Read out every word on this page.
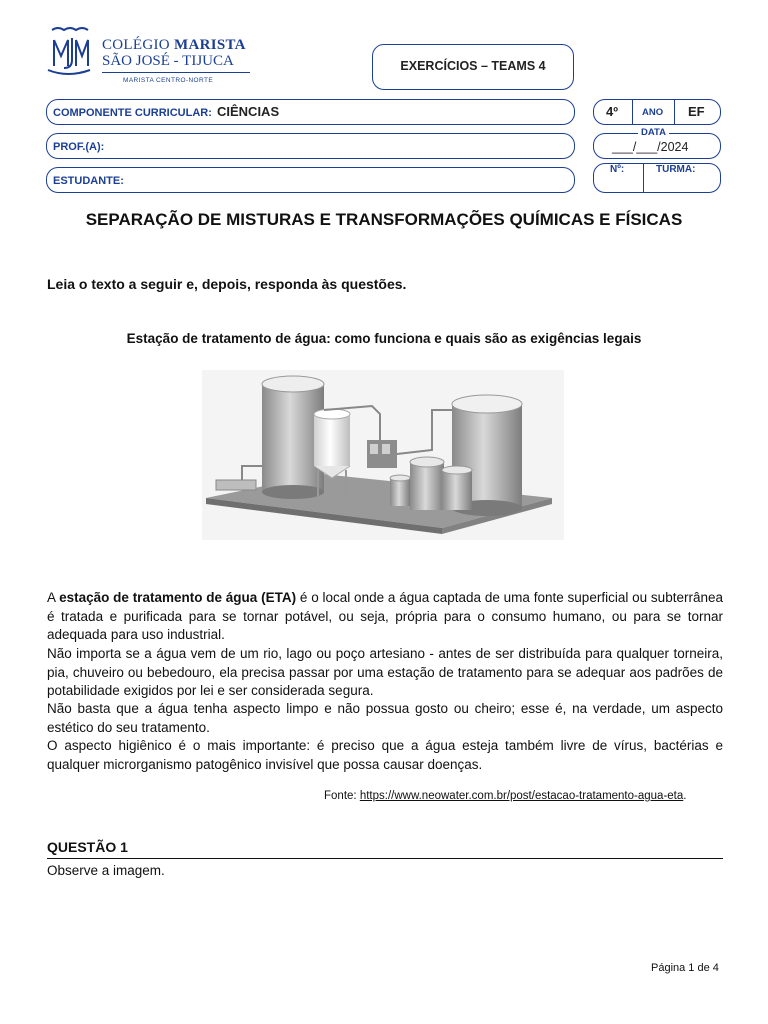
COLÉGIO MARISTA
SÃO JOSÉ - TIJUCA
MARISTA CENTRO-NORTE
EXERCÍCIOS – TEAMS 4
COMPONENTE CURRICULAR: CIÊNCIAS	4º	ANO EF
PROF.(A):
DATA
___/___/2024
ESTUDANTE:
Nº:	TURMA:
SEPARAÇÃO DE MISTURAS E TRANSFORMAÇÕES QUÍMICAS E FÍSICAS
Leia o texto a seguir e, depois, responda às questões.
Estação de tratamento de água: como funciona e quais são as exigências legais
A estação de tratamento de água (ETA) é o local onde a água captada de uma fonte superficial ou subterrânea é tratada e purificada para se tornar potável, ou seja, própria para o consumo humano, ou para se tornar adequada para uso industrial.
Não importa se a água vem de um rio, lago ou poço artesiano - antes de ser distribuída para qualquer torneira, pia, chuveiro ou bebedouro, ela precisa passar por uma estação de tratamento para se adequar aos padrões de potabilidade exigidos por lei e ser considerada segura.
Não basta que a água tenha aspecto limpo e não possua gosto ou cheiro; esse é, na verdade, um aspecto estético do seu tratamento.
O aspecto higiênico é o mais importante: é preciso que a água esteja também livre de vírus, bactérias e qualquer microrganismo patogênico invisível que possa causar doenças.
Fonte: https://www.neowater.com.br/post/estacao-tratamento-agua-eta.
QUESTÃO 1
Observe a imagem.
Página 1 de 4
